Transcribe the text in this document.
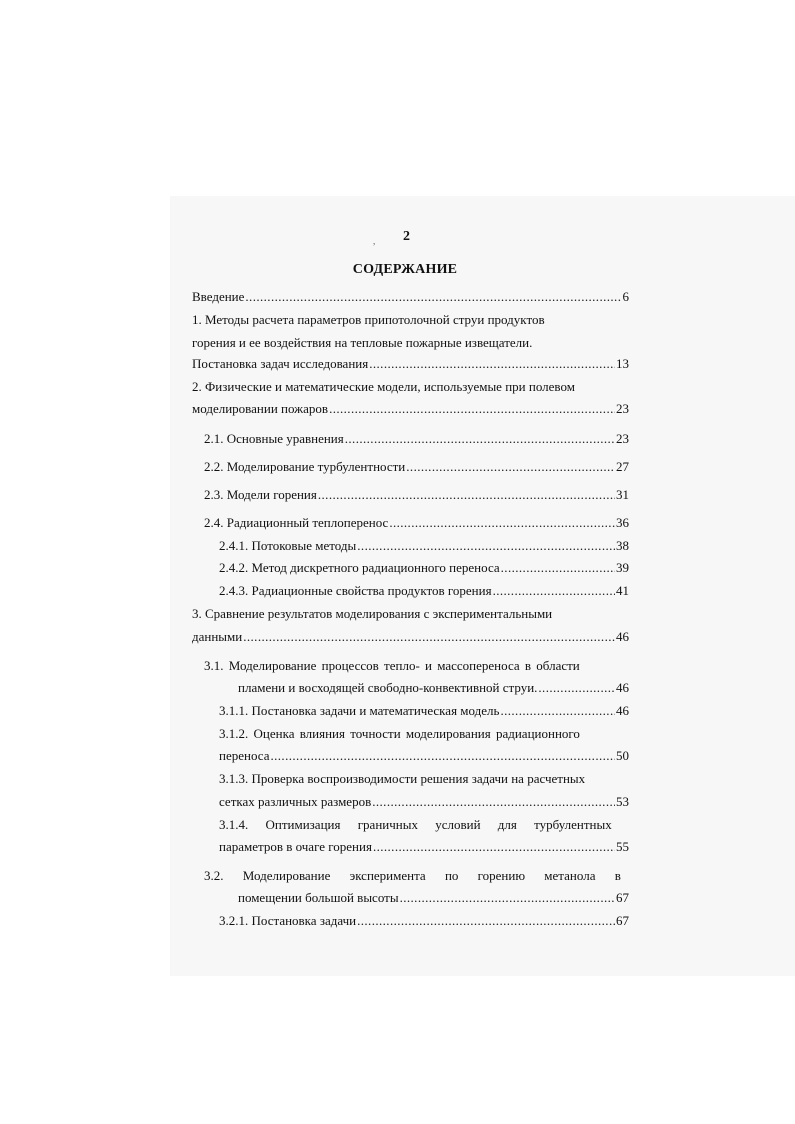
, 2
СОДЕРЖАНИЕ
Введение .....	6
1. Методы расчета параметров припотолочной струи продуктов
горения и ее воздействия на тепловые пожарные извещатели.
Постановка задач исследования .....	13
2. Физические и математические модели, используемые при полевом
моделировании пожаров .....	23
2.1. Основные уравнения .....	23
2.2. Моделирование турбулентности .....	27
2.3. Модели горения .....	31
2.4. Радиационный теплоперенос .....	36
2.4.1. Потоковые методы .....	38
2.4.2. Метод дискретного радиационного переноса .....	39
2.4.3. Радиационные свойства продуктов горения .....	41
3. Сравнение результатов моделирования с экспериментальными
данными .....	46
3.1. Моделирование процессов тепло- и массопереноса в области
пламени и восходящей свободно-конвективной струи. .....	46
3.1.1. Постановка задачи и математическая модель .....	46
3.1.2. Оценка влияния точности моделирования радиационного
переноса .....	50
3.1.3. Проверка воспроизводимости решения задачи на расчетных
сетках различных размеров .....	53
3.1.4. Оптимизация граничных условий для турбулентных
параметров в очаге горения .....	55
3.2. Моделирование эксперимента по горению метанола в
помещении большой высоты .....	67
3.2.1. Постановка задачи .....	67
